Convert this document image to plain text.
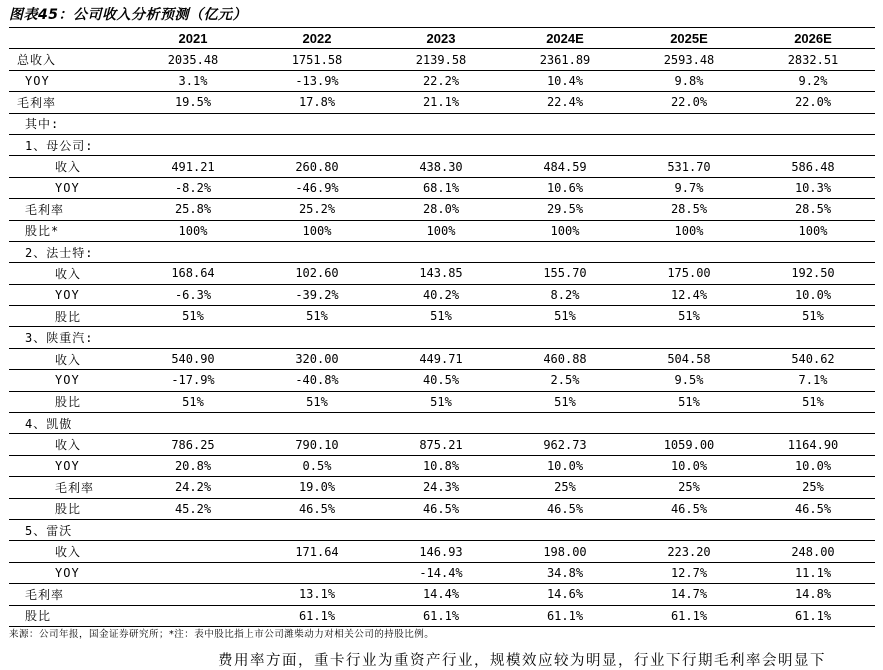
图表45：公司收入分析预测（亿元）
	2021	2022	2023	2024E	2025E	2026E
总收入	2035.48	1751.58	2139.58	2361.89	2593.48	2832.51
YOY	3.1%	-13.9%	22.2%	10.4%	9.8%	9.2%
毛利率	19.5%	17.8%	21.1%	22.4%	22.0%	22.0%
其中:						
1、母公司:						
收入	491.21	260.80	438.30	484.59	531.70	586.48
YOY	-8.2%	-46.9%	68.1%	10.6%	9.7%	10.3%
毛利率	25.8%	25.2%	28.0%	29.5%	28.5%	28.5%
股比*	100%	100%	100%	100%	100%	100%
2、法士特:						
收入	168.64	102.60	143.85	155.70	175.00	192.50
YOY	-6.3%	-39.2%	40.2%	8.2%	12.4%	10.0%
股比	51%	51%	51%	51%	51%	51%
3、陕重汽:						
收入	540.90	320.00	449.71	460.88	504.58	540.62
YOY	-17.9%	-40.8%	40.5%	2.5%	9.5%	7.1%
股比	51%	51%	51%	51%	51%	51%
4、凯傲						
收入	786.25	790.10	875.21	962.73	1059.00	1164.90
YOY	20.8%	0.5%	10.8%	10.0%	10.0%	10.0%
毛利率	24.2%	19.0%	24.3%	25%	25%	25%
股比	45.2%	46.5%	46.5%	46.5%	46.5%	46.5%
5、雷沃						
收入		171.64	146.93	198.00	223.20	248.00
YOY			-14.4%	34.8%	12.7%	11.1%
毛利率		13.1%	14.4%	14.6%	14.7%	14.8%
股比		61.1%	61.1%	61.1%	61.1%	61.1%
来源：公司年报，国金证券研究所；*注：表中股比指上市公司潍柴动力对相关公司的持股比例。
费用率方面，重卡行业为重资产行业，规模效应较为明显，行业下行期毛利率会明显下
